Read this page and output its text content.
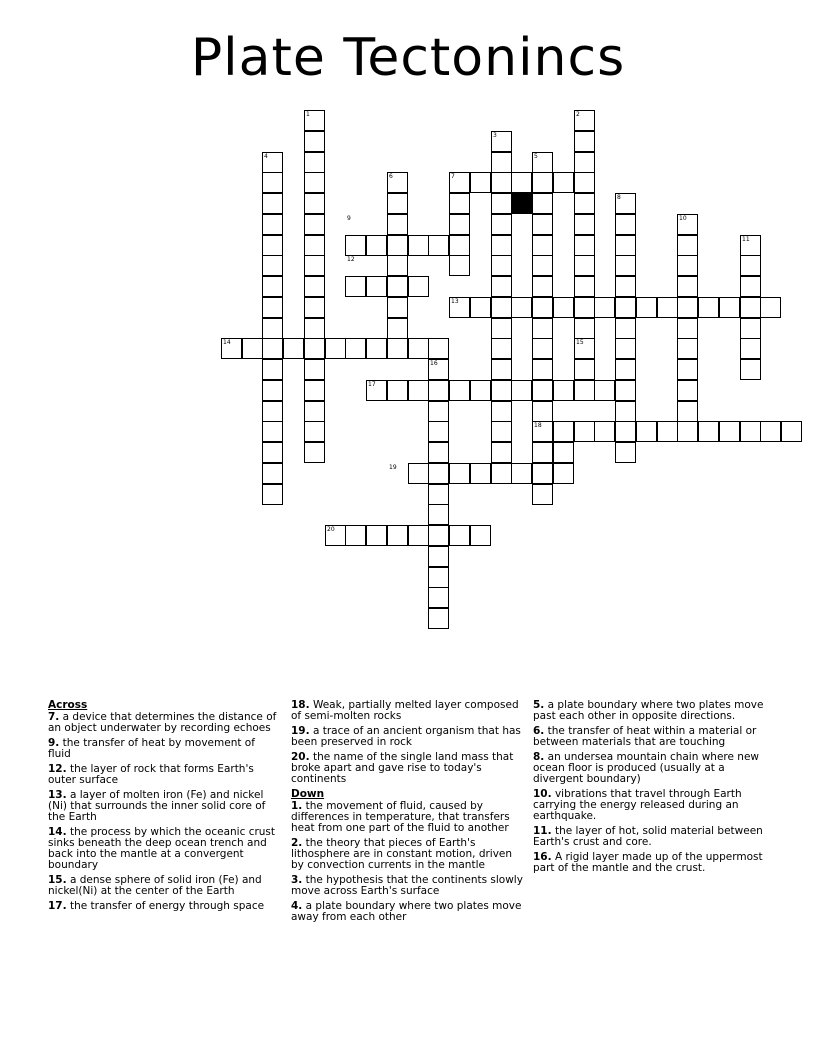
Plate Tectonincs
1	2
3
4	5
6	7
8
9	10
11
12
13
14	15
16
17
18
19
20
Across
7. a device that determines the distance of an object underwater by recording echoes
9. the transfer of heat by movement of fluid
12. the layer of rock that forms Earth's outer surface
13. a layer of molten iron (Fe) and nickel (Ni) that surrounds the inner solid core of the Earth
14. the process by which the oceanic crust sinks beneath the deep ocean trench and back into the mantle at a convergent boundary
15. a dense sphere of solid iron (Fe) and nickel(Ni) at the center of the Earth
17. the transfer of energy through space
18. Weak, partially melted layer composed of semi-molten rocks
19. a trace of an ancient organism that has been preserved in rock
20. the name of the single land mass that broke apart and gave rise to today's continents
Down
1. the movement of fluid, caused by differences in temperature, that transfers heat from one part of the fluid to another
2. the theory that pieces of Earth's lithosphere are in constant motion, driven by convection currents in the mantle
3. the hypothesis that the continents slowly move across Earth's surface
4. a plate boundary where two plates move away from each other
5. a plate boundary where two plates move past each other in opposite directions.
6. the transfer of heat within a material or between materials that are touching
8. an undersea mountain chain where new ocean floor is produced (usually at a divergent boundary)
10. vibrations that travel through Earth carrying the energy released during an earthquake.
11. the layer of hot, solid material between Earth's crust and core.
16. A rigid layer made up of the uppermost part of the mantle and the crust.
